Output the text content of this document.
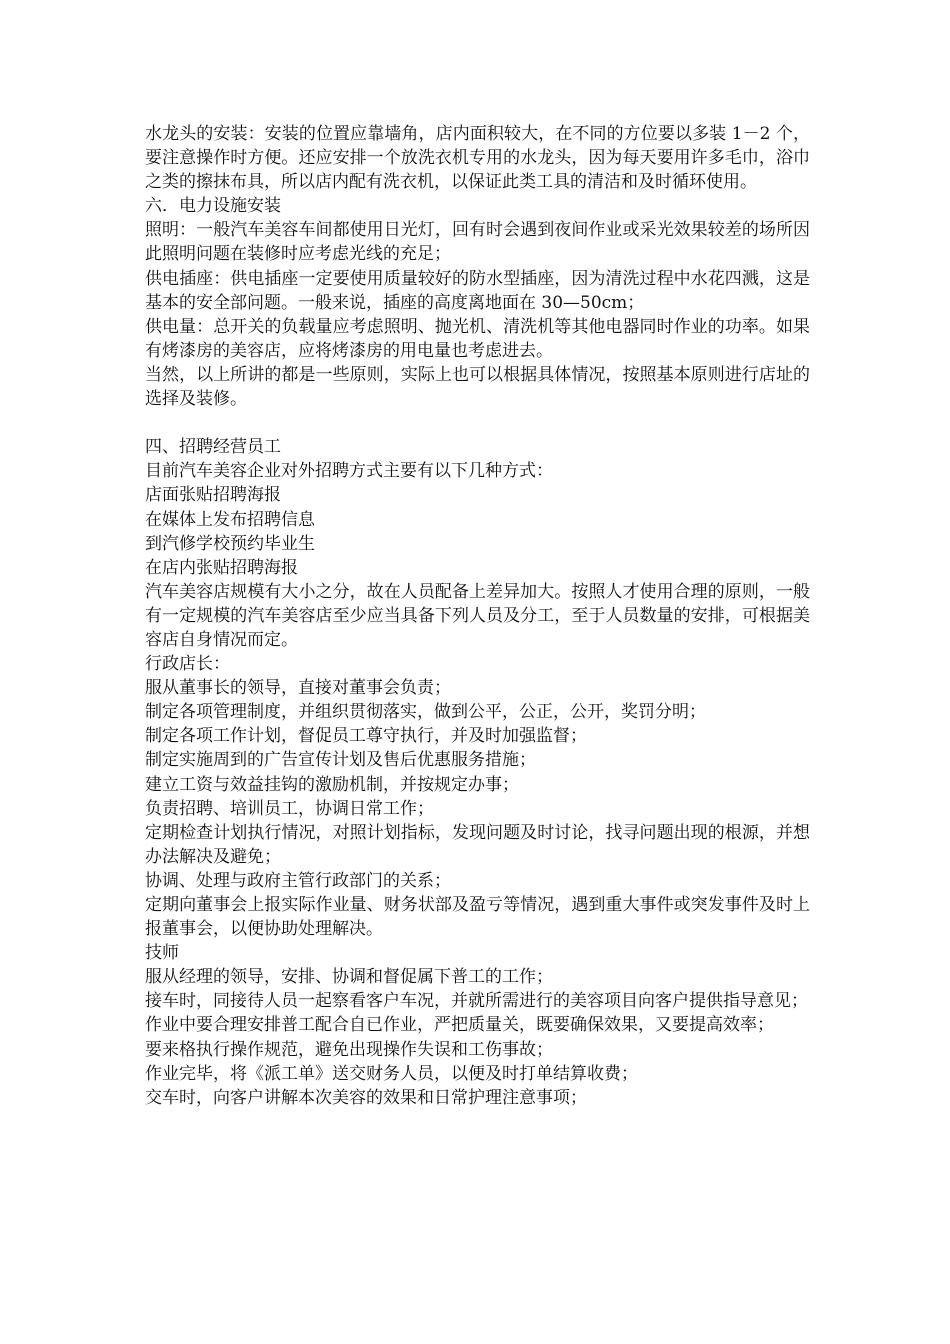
水龙头的安装：安装的位置应靠墙角，店内面积较大，在不同的方位要以多装 1－2 个，要注意操作时方便。还应安排一个放洗衣机专用的水龙头，因为每天要用许多毛巾，浴巾之类的擦抹布具，所以店内配有洗衣机，以保证此类工具的清洁和及时循环使用。

六．电力设施安装

照明：一般汽车美容车间都使用日光灯，回有时会遇到夜间作业或采光效果较差的场所因此照明问题在装修时应考虑光线的充足；

供电插座：供电插座一定要使用质量较好的防水型插座，因为清洗过程中水花四溅，这是基本的安全部问题。一般来说，插座的高度离地面在 30—50cm；

供电量：总开关的负载量应考虑照明、抛光机、清洗机等其他电器同时作业的功率。如果有烤漆房的美容店，应将烤漆房的用电量也考虑进去。

当然，以上所讲的都是一些原则，实际上也可以根据具体情况，按照基本原则进行店址的选择及装修。

四、招聘经营员工

目前汽车美容企业对外招聘方式主要有以下几种方式：

店面张贴招聘海报

在媒体上发布招聘信息

到汽修学校预约毕业生

在店内张贴招聘海报

汽车美容店规模有大小之分，故在人员配备上差异加大。按照人才使用合理的原则，一般有一定规模的汽车美容店至少应当具备下列人员及分工，至于人员数量的安排，可根据美容店自身情况而定。

行政店长：

服从董事长的领导，直接对董事会负责；

制定各项管理制度，并组织贯彻落实，做到公平，公正，公开，奖罚分明；

制定各项工作计划，督促员工尊守执行，并及时加强监督；

制定实施周到的广告宣传计划及售后优惠服务措施；

建立工资与效益挂钩的激励机制，并按规定办事；

负责招聘、培训员工，协调日常工作；

定期检查计划执行情况，对照计划指标，发现问题及时讨论，找寻问题出现的根源，并想办法解决及避免；

协调、处理与政府主管行政部门的关系；

定期向董事会上报实际作业量、财务状部及盈亏等情况，遇到重大事件或突发事件及时上报董事会，以便协助处理解决。

技师

服从经理的领导，安排、协调和督促属下普工的工作；

接车时，同接待人员一起察看客户车况，并就所需进行的美容项目向客户提供指导意见；

作业中要合理安排普工配合自已作业，严把质量关，既要确保效果，又要提高效率；

要来格执行操作规范，避免出现操作失误和工伤事故；

作业完毕，将《派工单》送交财务人员，以便及时打单结算收费；

交车时，向客户讲解本次美容的效果和日常护理注意事项；
